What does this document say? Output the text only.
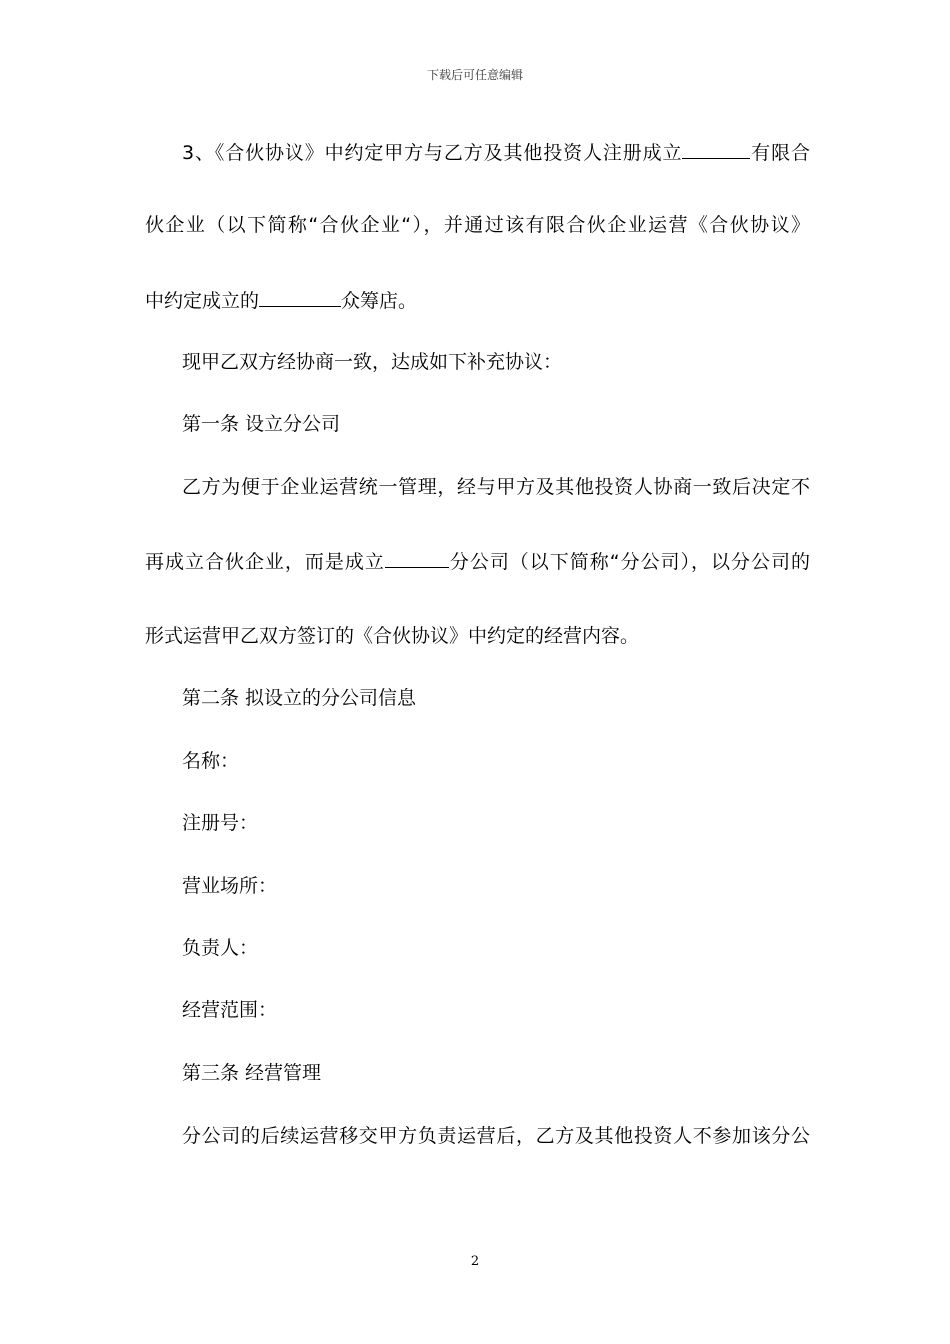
下载后可任意编辑
3、《合伙协议》中约定甲方与乙方及其他投资人注册成立	有限合
伙企业（以下简称“合伙企业“），并通过该有限合伙企业运营《合伙协议》
中约定成立的	众筹店。
现甲乙双方经协商一致，达成如下补充协议：
第一条 设立分公司
乙方为便于企业运营统一管理，经与甲方及其他投资人协商一致后决定不
再成立合伙企业，而是成立	分公司（以下简称“分公司），以分公司的
形式运营甲乙双方签订的《合伙协议》中约定的经营内容。
第二条 拟设立的分公司信息
名称：
注册号：
营业场所：
负责人：
经营范围：
第三条 经营管理
分公司的后续运营移交甲方负责运营后，乙方及其他投资人不参加该分公
2
